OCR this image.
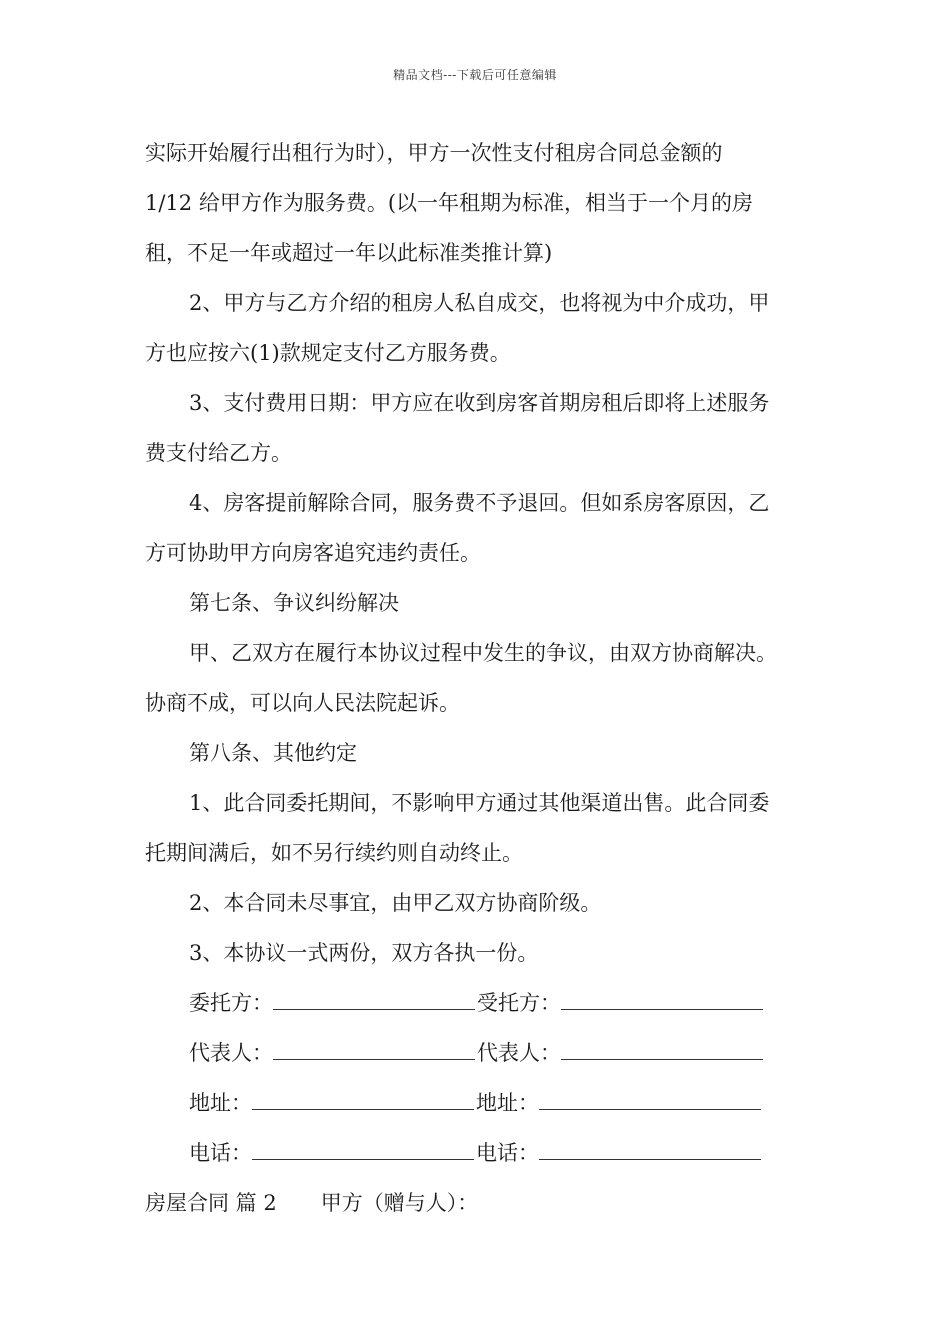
精品文档---下载后可任意编辑

实际开始履行出租行为时），甲方一次性支付租房合同总金额的

1/12 给甲方作为服务费。(以一年租期为标准，相当于一个月的房

租，不足一年或超过一年以此标准类推计算)

2、甲方与乙方介绍的租房人私自成交，也将视为中介成功，甲

方也应按六(1)款规定支付乙方服务费。

3、支付费用日期：甲方应在收到房客首期房租后即将上述服务

费支付给乙方。

4、房客提前解除合同，服务费不予退回。但如系房客原因，乙

方可协助甲方向房客追究违约责任。

第七条、争议纠纷解决

甲、乙双方在履行本协议过程中发生的争议，由双方协商解决。

协商不成，可以向人民法院起诉。

第八条、其他约定

1、此合同委托期间，不影响甲方通过其他渠道出售。此合同委

托期间满后，如不另行续约则自动终止。

2、本合同未尽事宜，由甲乙双方协商阶级。

3、本协议一式两份，双方各执一份。

委托方：	受托方：
代表人：	代表人：
地址：	地址：
电话：	电话：
房屋合同 篇 2 甲方（赠与人）：
